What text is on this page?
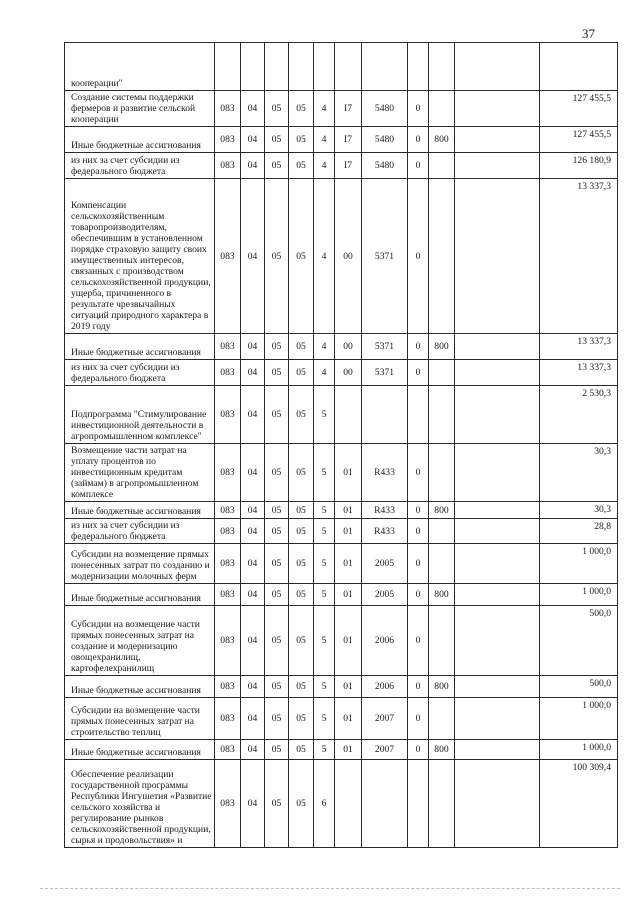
37
кооперации"												
Создание системы поддержки фермеров и развитие сельской кооперации	083	04	05	05	4	I7	5480	0			127 455,5	
Иные бюджетные ассигнования	083	04	05	05	4	I7	5480	0	800		127 455,5	
из них за счет субсидии из федерального бюджета	083	04	05	05	4	I7	5480	0			126 180,9	
Компенсации сельскохозяйственным товаропроизводителям, обеспечившим в установленном порядке страховую защиту своих имущественных интересов, связанных с производством сельскохозяйственной продукции, ущерба, причиненного в результате чрезвычайных ситуаций природного характера в 2019 году	083	04	05	05	4	00	5371	0			13 337,3	
Иные бюджетные ассигнования	083	04	05	05	4	00	5371	0	800		13 337,3	
из них за счет субсидии из федерального бюджета	083	04	05	05	4	00	5371	0			13 337,3	
Подпрограмма "Стимулирование инвестиционной деятельности в агропромышленном комплексе"	083	04	05	05	5						2 530,3	
Возмещение части затрат на уплату процентов по инвестиционным кредитам (займам) в агропромышленном комплексе	083	04	05	05	5	01	R433	0			30,3	
Иные бюджетные ассигнования	083	04	05	05	5	01	R433	0	800		30,3	
из них за счет субсидии из федерального бюджета	083	04	05	05	5	01	R433	0			28,8	
Субсидии на возмещение прямых понесенных затрат по созданию и модернизации молочных ферм	083	04	05	05	5	01	2005	0			1 000,0	
Иные бюджетные ассигнования	083	04	05	05	5	01	2005	0	800		1 000,0	
Субсидии на возмещение части прямых понесенных затрат на создание и модернизацию овощехранилищ, картофелехранилищ	083	04	05	05	5	01	2006	0			500,0	
Иные бюджетные ассигнования	083	04	05	05	5	01	2006	0	800		500,0	
Субсидии на возмещение части прямых понесенных затрат на строительство теплиц	083	04	05	05	5	01	2007	0			1 000,0	
Иные бюджетные ассигнования	083	04	05	05	5	01	2007	0	800		1 000,0	
Обеспечение реализации государственной программы Республики Ингушетия «Развитие сельского хозяйства и регулирование рынков сельскохозяйственной продукции, сырья и продовольствия» и	083	04	05	05	6						100 309,4	
